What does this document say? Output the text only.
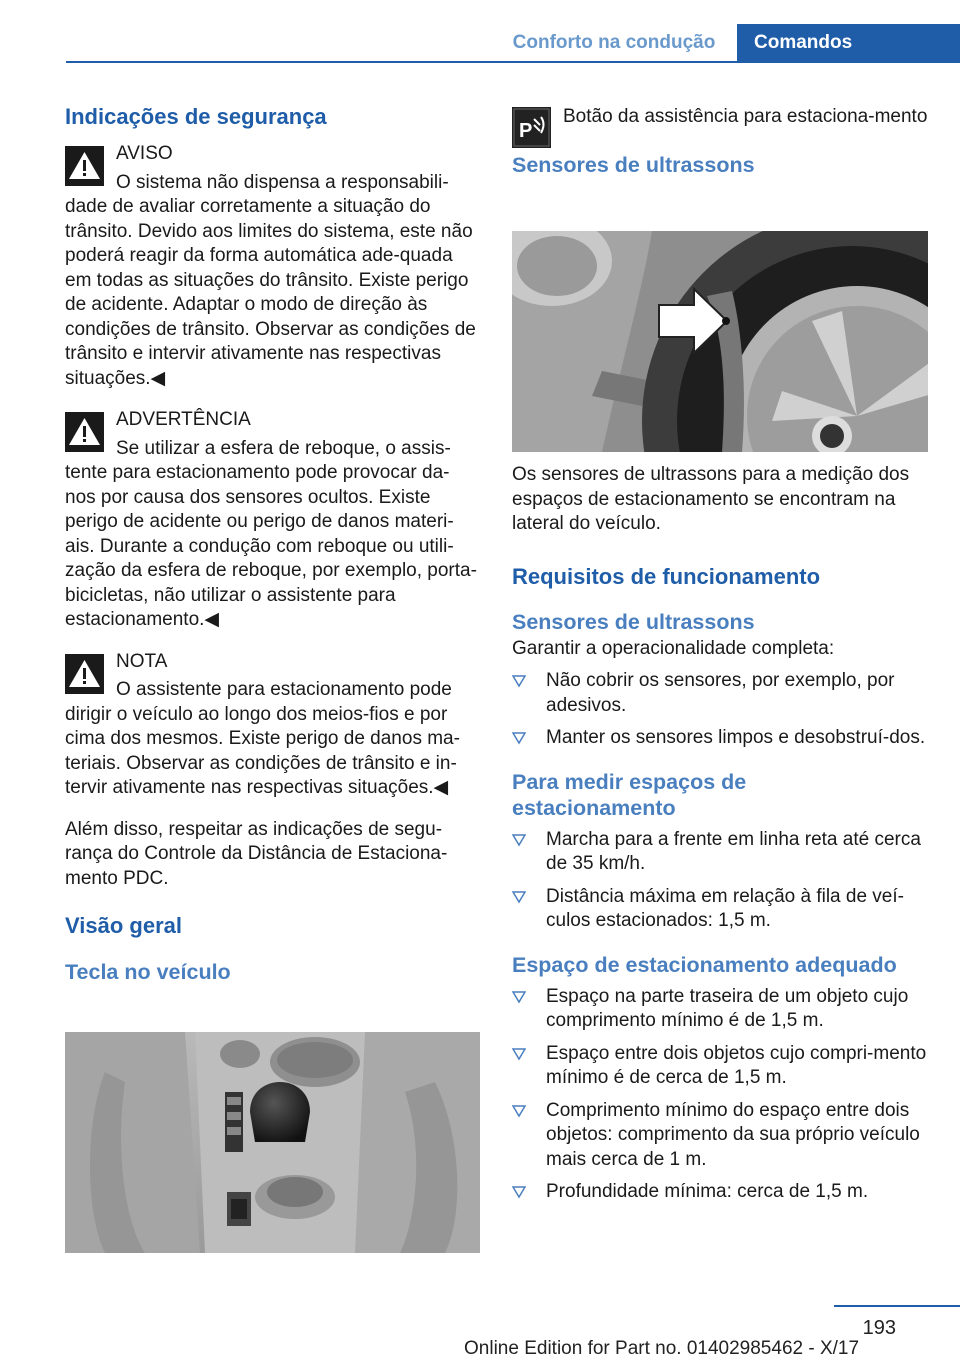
Conforto na condução	Comandos
Indicações de segurança
AVISO

O sistema não dispensa a responsabili-dade de avaliar corretamente a situação do trânsito. Devido aos limites do sistema, este não poderá reagir da forma automática ade-quada em todas as situações do trânsito. Existe perigo de acidente. Adaptar o modo de direção às condições de trânsito. Observar as condições de trânsito e intervir ativamente nas respectivas situações.◀

ADVERTÊNCIA

Se utilizar a esfera de reboque, o assis-tente para estacionamento pode provocar da-nos por causa dos sensores ocultos. Existe perigo de acidente ou perigo de danos materi-ais. Durante a condução com reboque ou utili-zação da esfera de reboque, por exemplo, porta-bicicletas, não utilizar o assistente para estacionamento.◀

NOTA

O assistente para estacionamento pode dirigir o veículo ao longo dos meios-fios e por cima dos mesmos. Existe perigo de danos ma-teriais. Observar as condições de trânsito e in-tervir ativamente nas respectivas situações.◀

Além disso, respeitar as indicações de segu-rança do Controle da Distância de Estaciona-mento PDC.

Visão geral
Tecla no veículo
P

Botão da assistência para estaciona-mento

Sensores de ultrassons

Os sensores de ultrassons para a medição dos espaços de estacionamento se encontram na lateral do veículo.

Requisitos de funcionamento
Sensores de ultrassons

Garantir a operacionalidade completa:

Não cobrir os sensores, por exemplo, por adesivos.
Manter os sensores limpos e desobstruí-dos.
Para medir espaços de estacionamento
Marcha para a frente em linha reta até cerca de 35 km/h.
Distância máxima em relação à fila de veí-culos estacionados: 1,5 m.
Espaço de estacionamento adequado
Espaço na parte traseira de um objeto cujo comprimento mínimo é de 1,5 m.
Espaço entre dois objetos cujo compri-mento mínimo é de cerca de 1,5 m.
Comprimento mínimo do espaço entre dois objetos: comprimento da sua próprio veículo mais cerca de 1 m.
Profundidade mínima: cerca de 1,5 m.
193
Online Edition for Part no. 01402985462 - X/17
